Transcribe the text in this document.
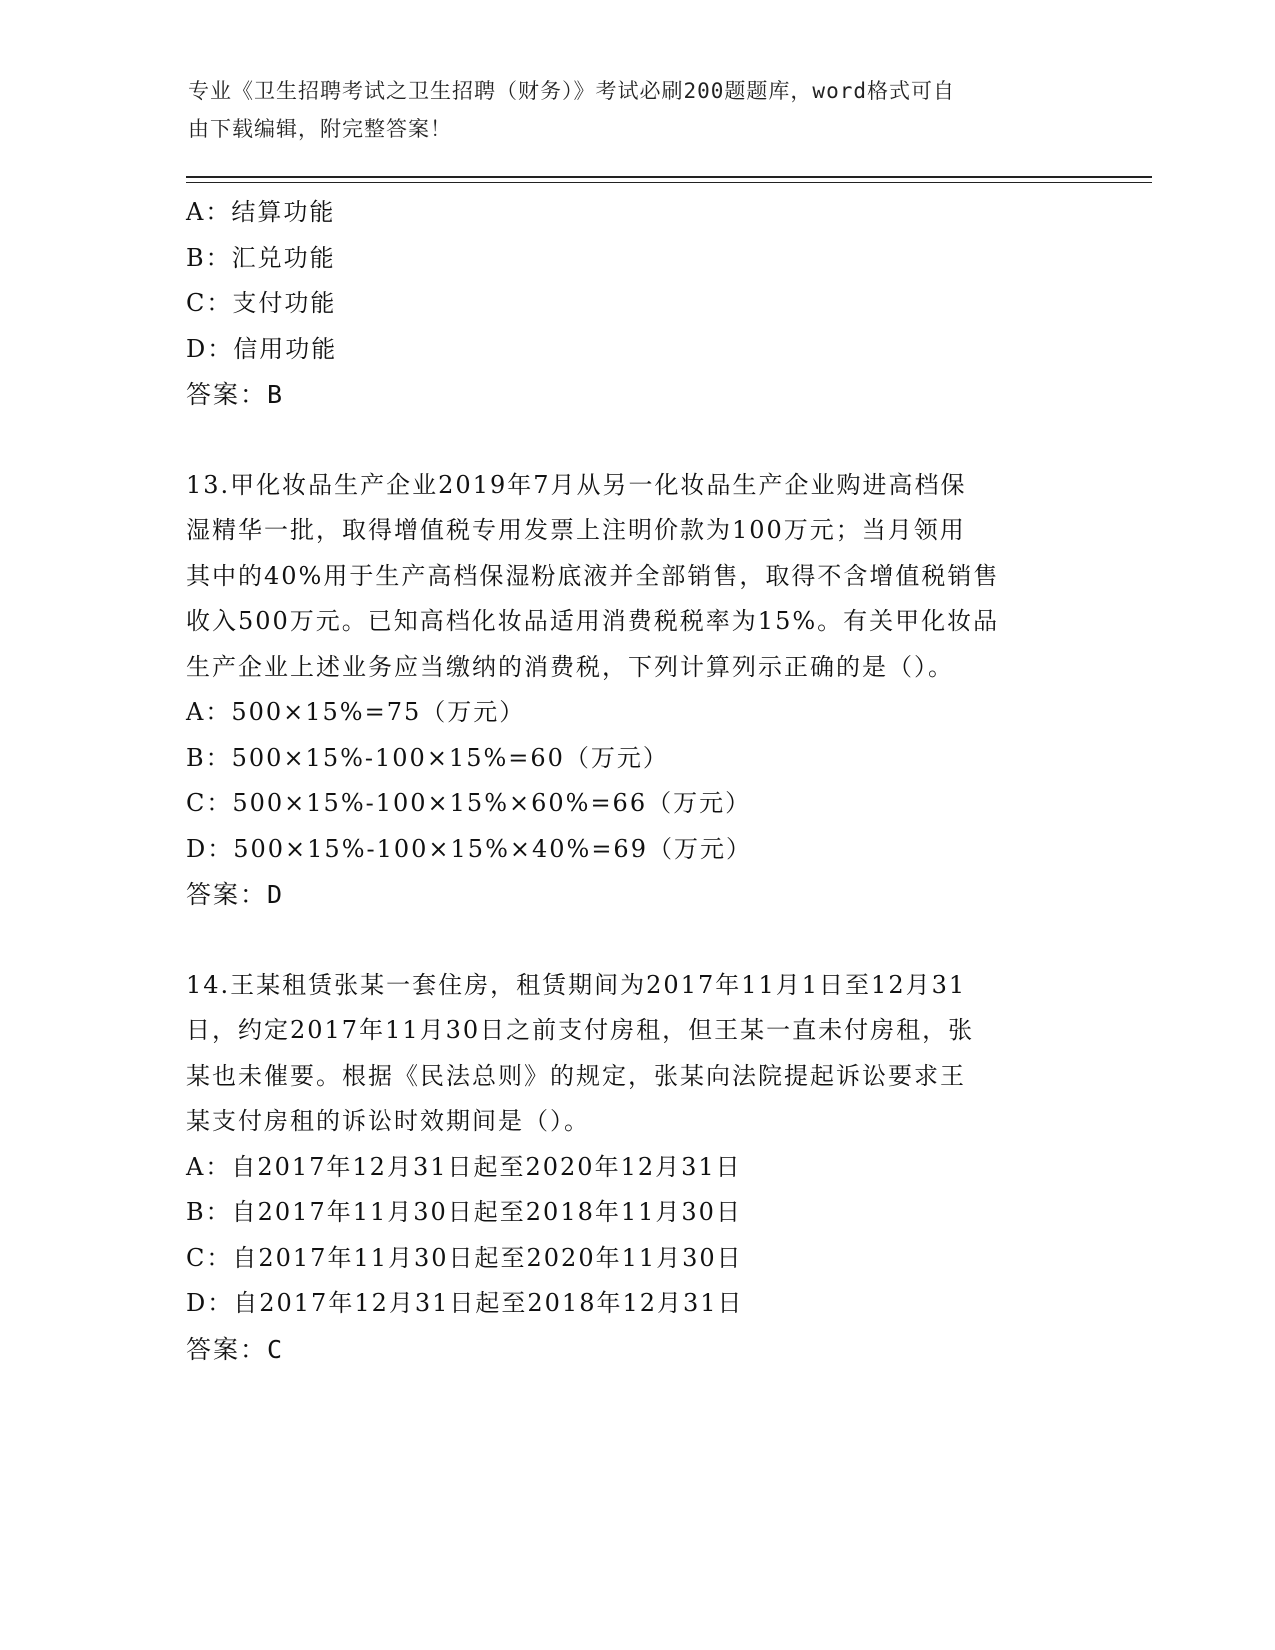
专业《卫生招聘考试之卫生招聘（财务）》考试必刷200题题库，word格式可自
由下载编辑，附完整答案！
A：结算功能
B：汇兑功能
C：支付功能
D：信用功能
答案：B
13.甲化妆品生产企业2019年7月从另一化妆品生产企业购进高档保
湿精华一批，取得增值税专用发票上注明价款为100万元；当月领用
其中的40%用于生产高档保湿粉底液并全部销售，取得不含增值税销售
收入500万元。已知高档化妆品适用消费税税率为15%。有关甲化妆品
生产企业上述业务应当缴纳的消费税，下列计算列示正确的是（）。
A：500×15%=75（万元）
B：500×15%-100×15%=60（万元）
C：500×15%-100×15%×60%=66（万元）
D：500×15%-100×15%×40%=69（万元）
答案：D
14.王某租赁张某一套住房，租赁期间为2017年11月1日至12月31
日，约定2017年11月30日之前支付房租，但王某一直未付房租，张
某也未催要。根据《民法总则》的规定，张某向法院提起诉讼要求王
某支付房租的诉讼时效期间是（）。
A：自2017年12月31日起至2020年12月31日
B：自2017年11月30日起至2018年11月30日
C：自2017年11月30日起至2020年11月30日
D：自2017年12月31日起至2018年12月31日
答案：C
